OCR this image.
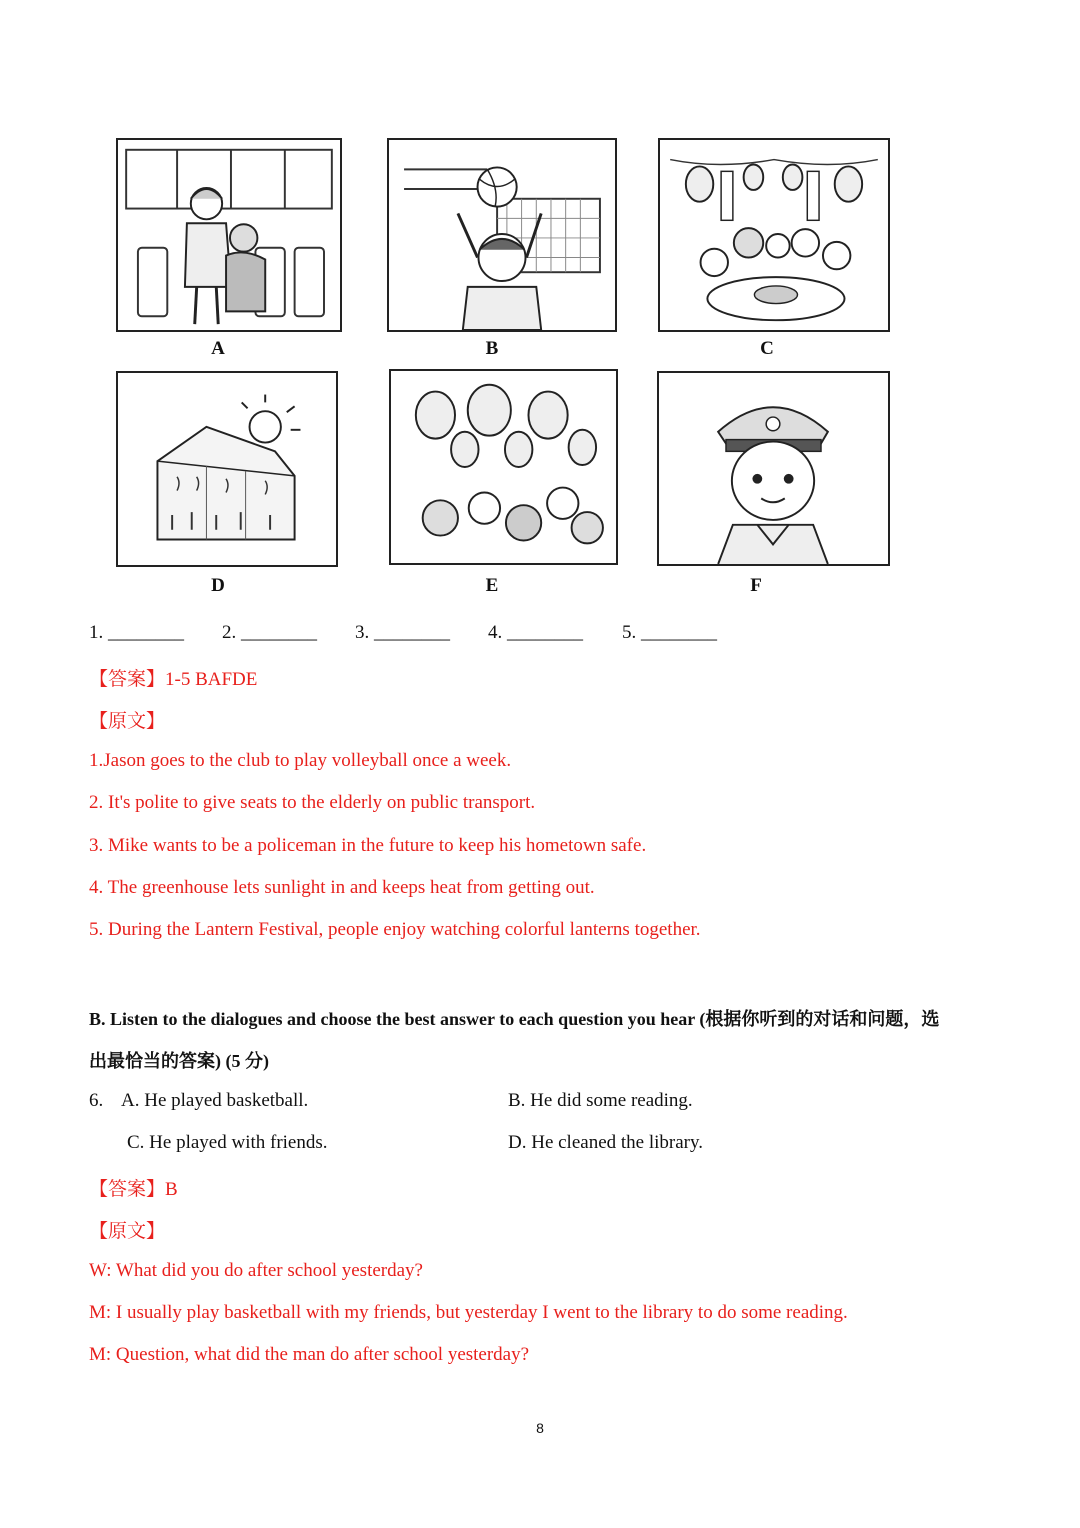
A	B	C
D	E	F
1. ________ 2. ________ 3. ________ 4. ________ 5. ________
【答案】1-5 BAFDE
【原文】
1.Jason goes to the club to play volleyball once a week.
2. It's polite to give seats to the elderly on public transport.
3. Mike wants to be a policeman in the future to keep his hometown safe.
4. The greenhouse lets sunlight in and keeps heat from getting out.
5. During the Lantern Festival, people enjoy watching colorful lanterns together.
B. Listen to the dialogues and choose the best answer to each question you hear (根据你听到的对话和问题，选
出最恰当的答案) (5 分)
6. A. He played basketball.	B. He did some reading.
C. He played with friends.	D. He cleaned the library.
【答案】B
【原文】
W: What did you do after school yesterday?
M: I usually play basketball with my friends, but yesterday I went to the library to do some reading.
M: Question, what did the man do after school yesterday?
8
